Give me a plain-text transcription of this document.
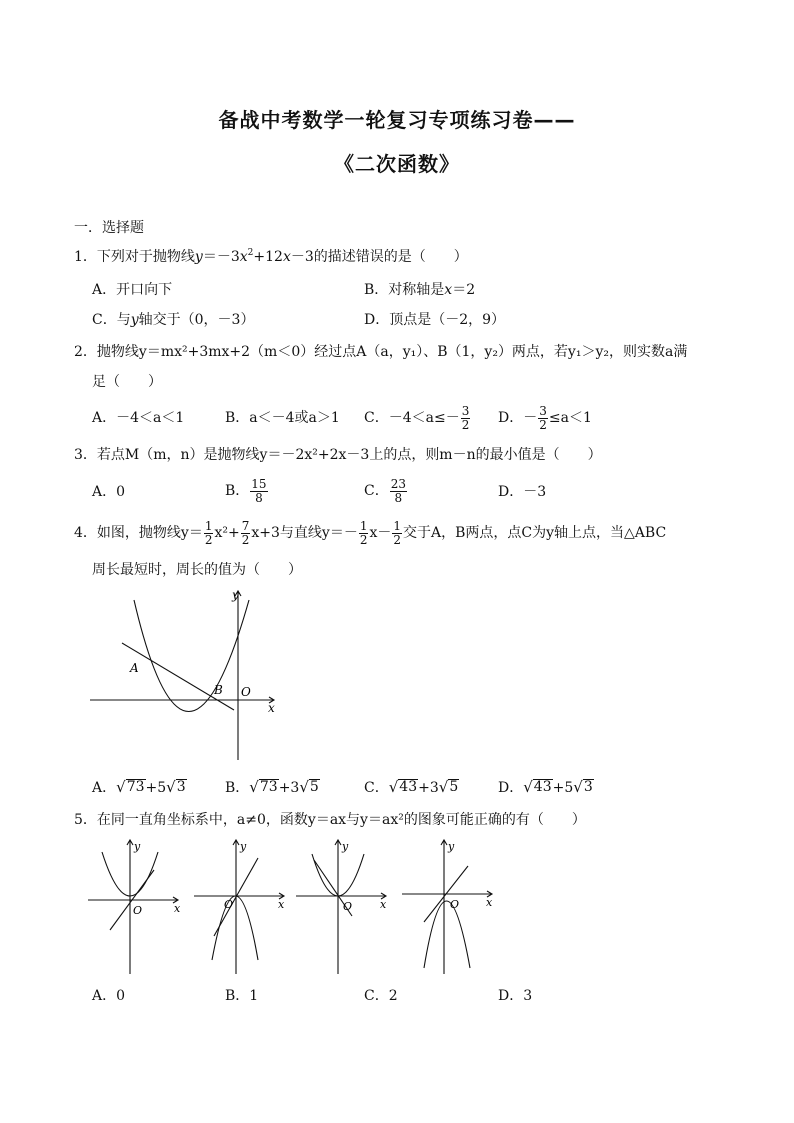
备战中考数学一轮复习专项练习卷——
《二次函数》
一．选择题
1．下列对于抛物线$y=-3x^2+12x-3$的描述错误的是（　　）
A．开口向下	B．对称轴是x＝2
C．与y轴交于（0，－3）	D．顶点是（－2，9）
2．抛物线y＝mx²+3mx+2（m＜0）经过点A（a，y₁）、B（1，y₂）两点，若y₁＞y₂，则实数a满
足（　　）
A．－4＜a＜1	B．a＜－4或a＞1 C．$-4<a\le- \frac{3}{2}$ D．－ $\frac{3}{2} \le a<1$
3．若点M（m，n）是抛物线y＝－2x²+2x－3上的点，则m－n的最小值是（　　）
A．0	B． $\frac{15}{8}$	C． $\frac{23}{8}$	D．－3
4．如图，抛物线$y= \frac{1}{2} x^2+ \frac{7}{2} x+3$与直线$y=- \frac{1}{2} x- \frac{1}{2}$ 交于A，B两点，点C为y轴上点，当△ABC
周长最短时，周长的值为（　　）
y
x
O
A
B
A． √ 73 +5 √ 3	B． √ 73 +3 √ 5	C． √ 43 +3 √ 5	D． √ 43 +5 √ 3
5．在同一直角坐标系中，a≠0，函数y＝ax与y＝ax²的图象可能正确的有（　　）
y
x
O
y
x
O
y
x
O
y
x
O
A．0	B．1	C．2	D．3
